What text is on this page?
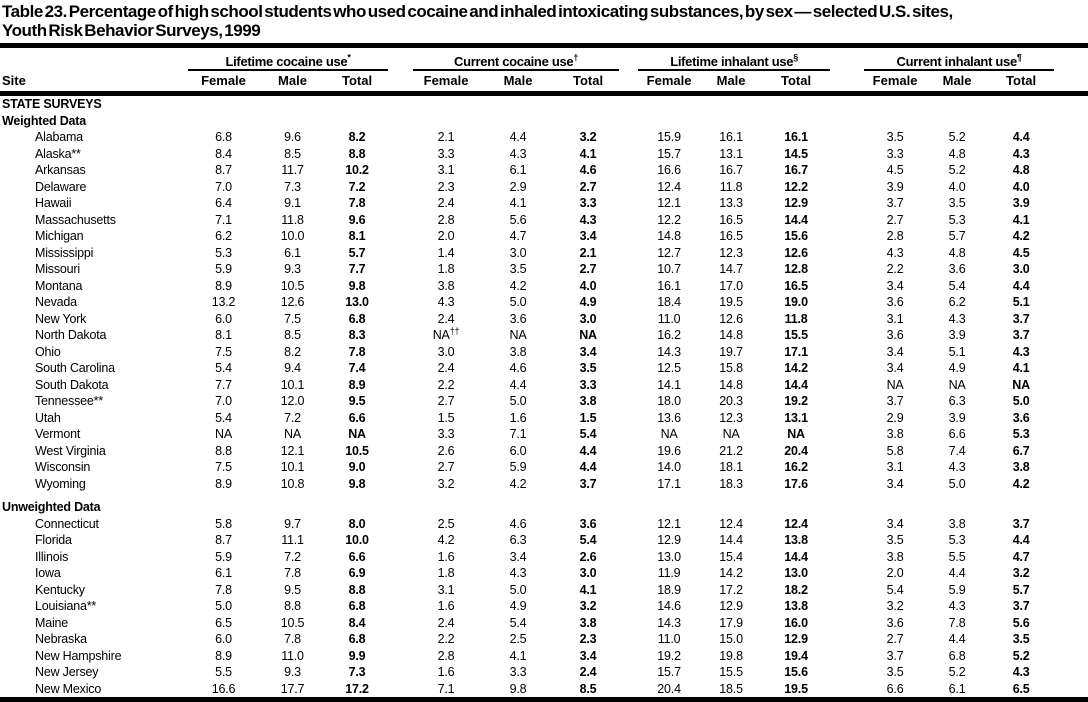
Table 23. Percentage of high school students who used cocaine and inhaled intoxicating substances, by sex — selected U.S. sites,
Youth Risk Behavior Surveys, 1999
	Lifetime cocaine use*				Current cocaine use†				Lifetime inhalant use§				Current inhalant use¶	
Site	Female	Male	Total		Female	Male	Total		Female	Male	Total		Female	Male	Total	

STATE SURVEYS																
Weighted Data																
Alabama	6.8	9.6	8.2		2.1	4.4	3.2		15.9	16.1	16.1		3.5	5.2	4.4	
Alaska**	8.4	8.5	8.8		3.3	4.3	4.1		15.7	13.1	14.5		3.3	4.8	4.3	
Arkansas	8.7	11.7	10.2		3.1	6.1	4.6		16.6	16.7	16.7		4.5	5.2	4.8	
Delaware	7.0	7.3	7.2		2.3	2.9	2.7		12.4	11.8	12.2		3.9	4.0	4.0	
Hawaii	6.4	9.1	7.8		2.4	4.1	3.3		12.1	13.3	12.9		3.7	3.5	3.9	
Massachusetts	7.1	11.8	9.6		2.8	5.6	4.3		12.2	16.5	14.4		2.7	5.3	4.1	
Michigan	6.2	10.0	8.1		2.0	4.7	3.4		14.8	16.5	15.6		2.8	5.7	4.2	
Mississippi	5.3	6.1	5.7		1.4	3.0	2.1		12.7	12.3	12.6		4.3	4.8	4.5	
Missouri	5.9	9.3	7.7		1.8	3.5	2.7		10.7	14.7	12.8		2.2	3.6	3.0	
Montana	8.9	10.5	9.8		3.8	4.2	4.0		16.1	17.0	16.5		3.4	5.4	4.4	
Nevada	13.2	12.6	13.0		4.3	5.0	4.9		18.4	19.5	19.0		3.6	6.2	5.1	
New York	6.0	7.5	6.8		2.4	3.6	3.0		11.0	12.6	11.8		3.1	4.3	3.7	
North Dakota	8.1	8.5	8.3		NA††	NA	NA		16.2	14.8	15.5		3.6	3.9	3.7	
Ohio	7.5	8.2	7.8		3.0	3.8	3.4		14.3	19.7	17.1		3.4	5.1	4.3	
South Carolina	5.4	9.4	7.4		2.4	4.6	3.5		12.5	15.8	14.2		3.4	4.9	4.1	
South Dakota	7.7	10.1	8.9		2.2	4.4	3.3		14.1	14.8	14.4		NA	NA	NA	
Tennessee**	7.0	12.0	9.5		2.7	5.0	3.8		18.0	20.3	19.2		3.7	6.3	5.0	
Utah	5.4	7.2	6.6		1.5	1.6	1.5		13.6	12.3	13.1		2.9	3.9	3.6	
Vermont	NA	NA	NA		3.3	7.1	5.4		NA	NA	NA		3.8	6.6	5.3	
West Virginia	8.8	12.1	10.5		2.6	6.0	4.4		19.6	21.2	20.4		5.8	7.4	6.7	
Wisconsin	7.5	10.1	9.0		2.7	5.9	4.4		14.0	18.1	16.2		3.1	4.3	3.8	
Wyoming	8.9	10.8	9.8		3.2	4.2	3.7		17.1	18.3	17.6		3.4	5.0	4.2	
Unweighted Data																
Connecticut	5.8	9.7	8.0		2.5	4.6	3.6		12.1	12.4	12.4		3.4	3.8	3.7	
Florida	8.7	11.1	10.0		4.2	6.3	5.4		12.9	14.4	13.8		3.5	5.3	4.4	
Illinois	5.9	7.2	6.6		1.6	3.4	2.6		13.0	15.4	14.4		3.8	5.5	4.7	
Iowa	6.1	7.8	6.9		1.8	4.3	3.0		11.9	14.2	13.0		2.0	4.4	3.2	
Kentucky	7.8	9.5	8.8		3.1	5.0	4.1		18.9	17.2	18.2		5.4	5.9	5.7	
Louisiana**	5.0	8.8	6.8		1.6	4.9	3.2		14.6	12.9	13.8		3.2	4.3	3.7	
Maine	6.5	10.5	8.4		2.4	5.4	3.8		14.3	17.9	16.0		3.6	7.8	5.6	
Nebraska	6.0	7.8	6.8		2.2	2.5	2.3		11.0	15.0	12.9		2.7	4.4	3.5	
New Hampshire	8.9	11.0	9.9		2.8	4.1	3.4		19.2	19.8	19.4		3.7	6.8	5.2	
New Jersey	5.5	9.3	7.3		1.6	3.3	2.4		15.7	15.5	15.6		3.5	5.2	4.3	
New Mexico	16.6	17.7	17.2		7.1	9.8	8.5		20.4	18.5	19.5		6.6	6.1	6.5	
